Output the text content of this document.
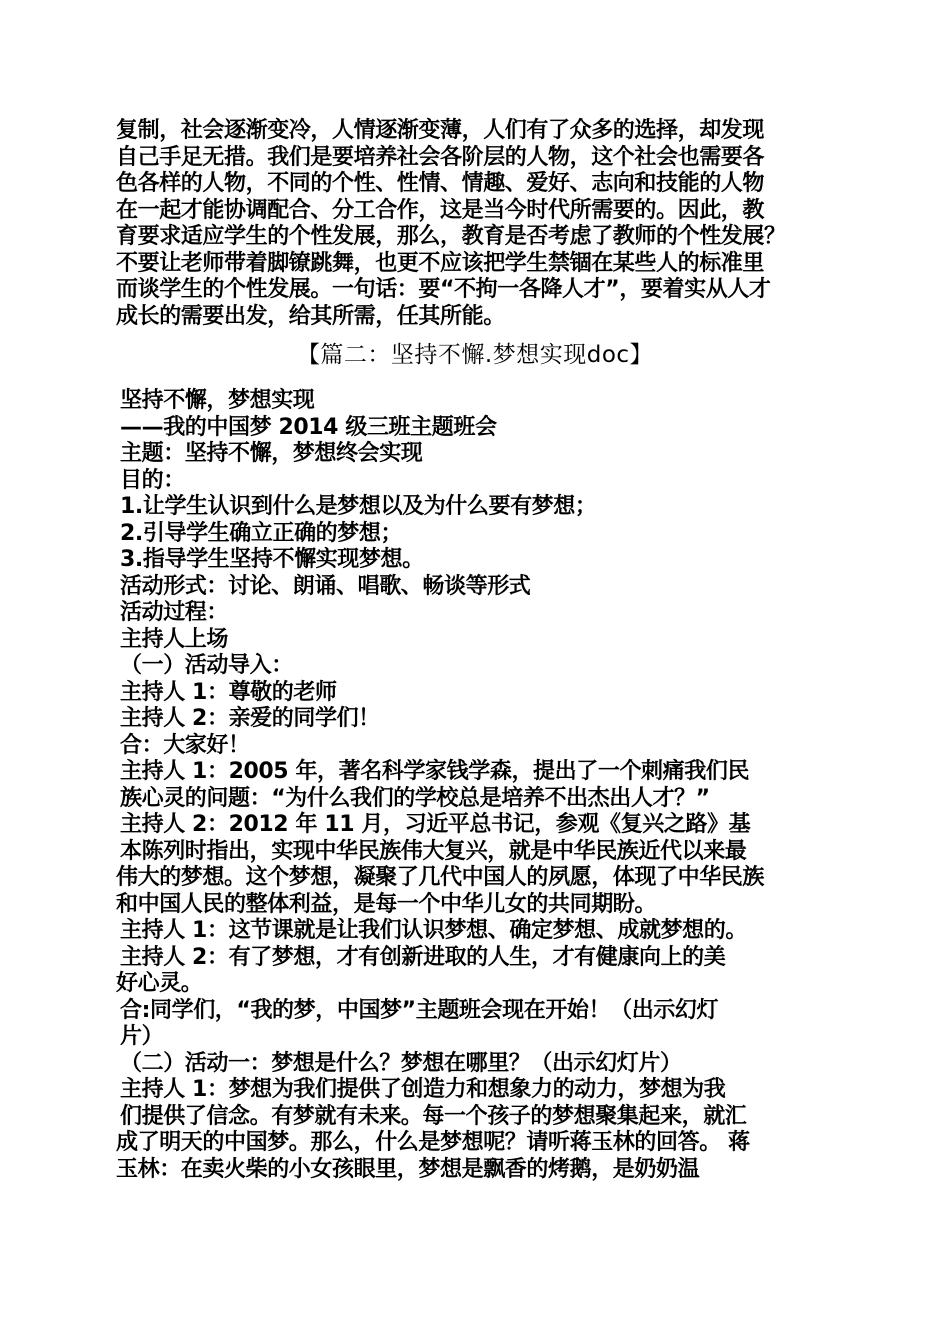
复制，社会逐渐变冷，人情逐渐变薄，人们有了众多的选择，却发现
自己手足无措。我们是要培养社会各阶层的人物，这个社会也需要各
色各样的人物，不同的个性、性情、情趣、爱好、志向和技能的人物
在一起才能协调配合、分工合作，这是当今时代所需要的。因此，教
育要求适应学生的个性发展，那么，教育是否考虑了教师的个性发展？
不要让老师带着脚镣跳舞，也更不应该把学生禁锢在某些人的标准里
而谈学生的个性发展。一句话：要“不拘一各降人才”，要着实从人才
成长的需要出发，给其所需，任其所能。
【篇二：坚持不懈.梦想实现doc】
坚持不懈，梦想实现
——我的中国梦 2014 级三班主题班会
主题：坚持不懈，梦想终会实现
目的：
1.让学生认识到什么是梦想以及为什么要有梦想；
2.引导学生确立正确的梦想；
3.指导学生坚持不懈实现梦想。
活动形式：讨论、朗诵、唱歌、畅谈等形式
活动过程：
主持人上场
（一）活动导入：
主持人 1：尊敬的老师
主持人 2：亲爱的同学们！
合：大家好！
主持人 1：2005 年，著名科学家钱学森，提出了一个刺痛我们民
族心灵的问题：“为什么我们的学校总是培养不出杰出人才？”
主持人 2：2012 年 11 月，习近平总书记，参观《复兴之路》基
本陈列时指出，实现中华民族伟大复兴，就是中华民族近代以来最
伟大的梦想。这个梦想，凝聚了几代中国人的夙愿，体现了中华民族
和中国人民的整体利益，是每一个中华儿女的共同期盼。
主持人 1：这节课就是让我们认识梦想、确定梦想、成就梦想的。
主持人 2：有了梦想，才有创新进取的人生，才有健康向上的美
好心灵。
合:同学们，“我的梦，中国梦”主题班会现在开始！（出示幻灯
片）
（二）活动一：梦想是什么？梦想在哪里？（出示幻灯片）
主持人 1：梦想为我们提供了创造力和想象力的动力，梦想为我
们提供了信念。有梦就有未来。每一个孩子的梦想聚集起来，就汇
成了明天的中国梦。那么，什么是梦想呢？请听蒋玉林的回答。 蒋
玉林：在卖火柴的小女孩眼里，梦想是飘香的烤鹅，是奶奶温
